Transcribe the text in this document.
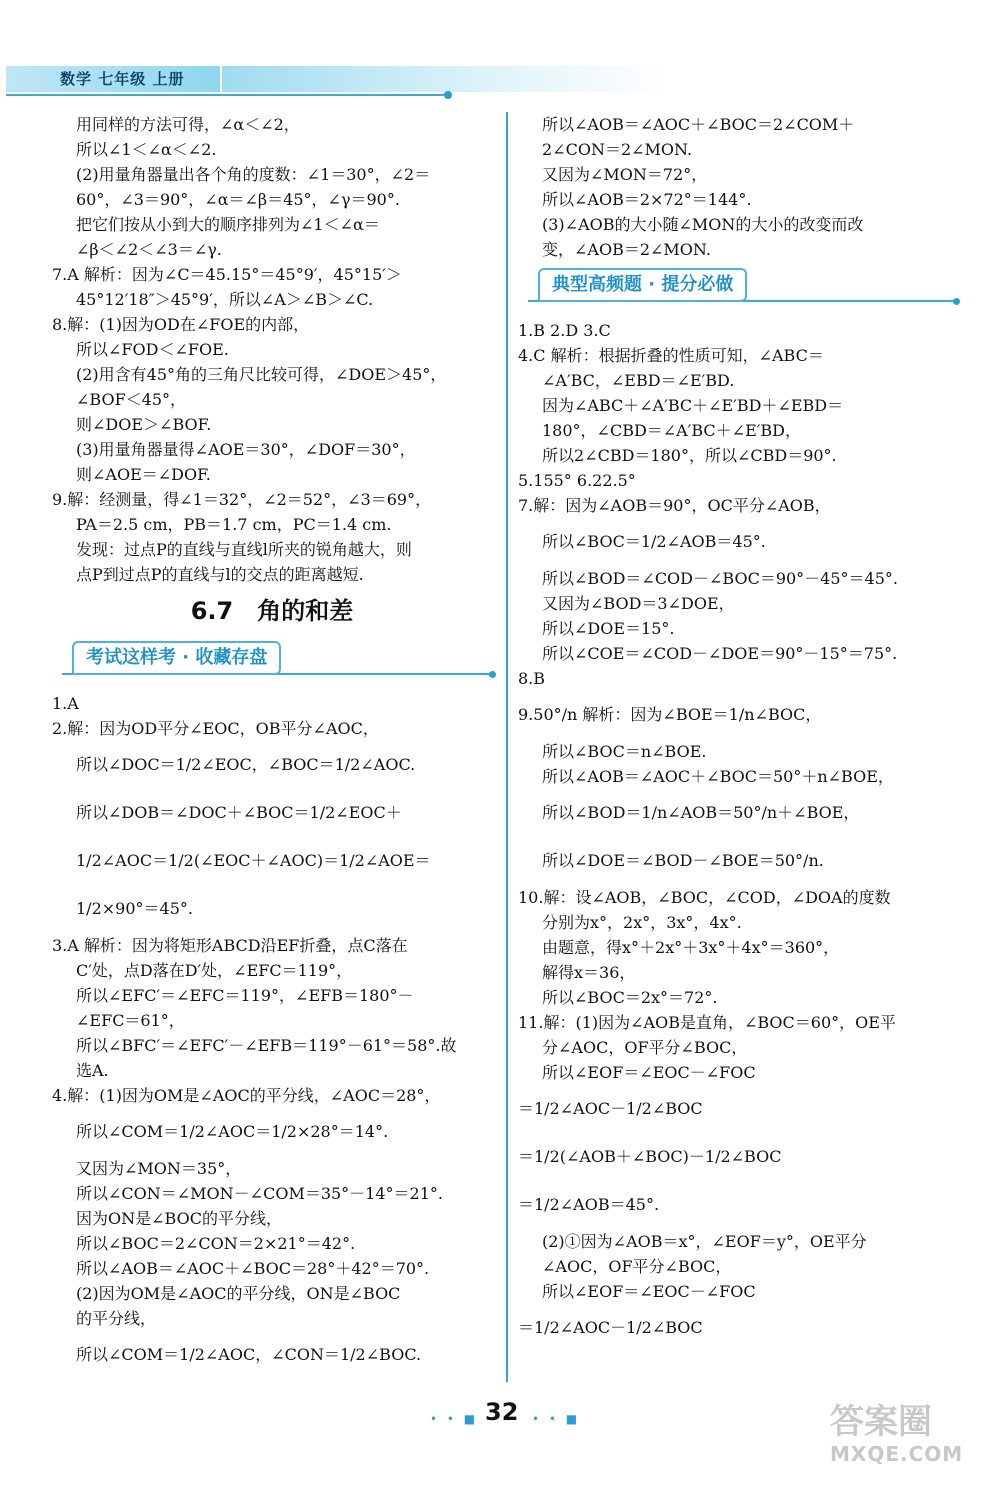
数学 七年级 上册
用同样的方法可得，∠α＜∠2，
所以∠1＜∠α＜∠2.
(2)用量角器量出各个角的度数：∠1＝30°，∠2＝
60°，∠3＝90°，∠α＝∠β＝45°，∠γ＝90°.
把它们按从小到大的顺序排列为∠1＜∠α＝
∠β＜∠2＜∠3＝∠γ.
7.A 解析：因为∠C＝45.15°＝45°9′，45°15′＞
45°12′18″＞45°9′，所以∠A＞∠B＞∠C.
8.解：(1)因为OD在∠FOE的内部，
所以∠FOD＜∠FOE.
(2)用含有45°角的三角尺比较可得，∠DOE＞45°，
∠BOF＜45°，
则∠DOE＞∠BOF.
(3)用量角器量得∠AOE＝30°，∠DOF＝30°，
则∠AOE＝∠DOF.
9.解：经测量，得∠1＝32°，∠2＝52°，∠3＝69°，
PA＝2.5 cm，PB＝1.7 cm，PC＝1.4 cm.
发现：过点P的直线与直线l所夹的锐角越大，则
点P到过点P的直线与l的交点的距离越短.
6.7　角的和差
考试这样考 · 收藏存盘
1.A
2.解：因为OD平分∠EOC，OB平分∠AOC，
所以∠DOC＝1/2∠EOC，∠BOC＝1/2∠AOC.
所以∠DOB＝∠DOC＋∠BOC＝1/2∠EOC＋
1/2∠AOC＝1/2(∠EOC＋∠AOC)＝1/2∠AOE＝
1/2×90°＝45°.
3.A 解析：因为将矩形ABCD沿EF折叠，点C落在
C′处，点D落在D′处，∠EFC＝119°，
所以∠EFC′＝∠EFC＝119°，∠EFB＝180°－
∠EFC＝61°，
所以∠BFC′＝∠EFC′－∠EFB＝119°－61°＝58°.故
选A.
4.解：(1)因为OM是∠AOC的平分线，∠AOC＝28°，
所以∠COM＝1/2∠AOC＝1/2×28°＝14°.
又因为∠MON＝35°，
所以∠CON＝∠MON－∠COM＝35°－14°＝21°.
因为ON是∠BOC的平分线，
所以∠BOC＝2∠CON＝2×21°＝42°.
所以∠AOB＝∠AOC＋∠BOC＝28°＋42°＝70°.
(2)因为OM是∠AOC的平分线，ON是∠BOC
的平分线，
所以∠COM＝1/2∠AOC，∠CON＝1/2∠BOC.
所以∠AOB＝∠AOC＋∠BOC＝2∠COM＋
2∠CON＝2∠MON.
又因为∠MON＝72°，
所以∠AOB＝2×72°＝144°.
(3)∠AOB的大小随∠MON的大小的改变而改
变，∠AOB＝2∠MON.
典型高频题 · 提分必做
1.B 2.D 3.C
4.C 解析：根据折叠的性质可知，∠ABC＝
∠A′BC，∠EBD＝∠E′BD.
因为∠ABC＋∠A′BC＋∠E′BD＋∠EBD＝
180°，∠CBD＝∠A′BC＋∠E′BD，
所以2∠CBD＝180°，所以∠CBD＝90°.
5.155° 6.22.5°
7.解：因为∠AOB＝90°，OC平分∠AOB，
所以∠BOC＝1/2∠AOB＝45°.
所以∠BOD＝∠COD－∠BOC＝90°－45°＝45°.
又因为∠BOD＝3∠DOE，
所以∠DOE＝15°.
所以∠COE＝∠COD－∠DOE＝90°－15°＝75°.
8.B
9.50°/n 解析：因为∠BOE＝1/n∠BOC，
所以∠BOC＝n∠BOE.
所以∠AOB＝∠AOC＋∠BOC＝50°＋n∠BOE，
所以∠BOD＝1/n∠AOB＝50°/n＋∠BOE，
所以∠DOE＝∠BOD－∠BOE＝50°/n.
10.解：设∠AOB，∠BOC，∠COD，∠DOA的度数
分别为x°，2x°，3x°，4x°.
由题意，得x°＋2x°＋3x°＋4x°＝360°，
解得x＝36，
所以∠BOC＝2x°＝72°.
11.解：(1)因为∠AOB是直角，∠BOC＝60°，OE平
分∠AOC，OF平分∠BOC，
所以∠EOF＝∠EOC－∠FOC
＝1/2∠AOC－1/2∠BOC
＝1/2(∠AOB＋∠BOC)－1/2∠BOC
＝1/2∠AOB＝45°.
(2)①因为∠AOB＝x°，∠EOF＝y°，OE平分
∠AOC，OF平分∠BOC，
所以∠EOF＝∠EOC－∠FOC
＝1/2∠AOC－1/2∠BOC
• • ■ 32 • • ■	答案圈
MXQE.COM
